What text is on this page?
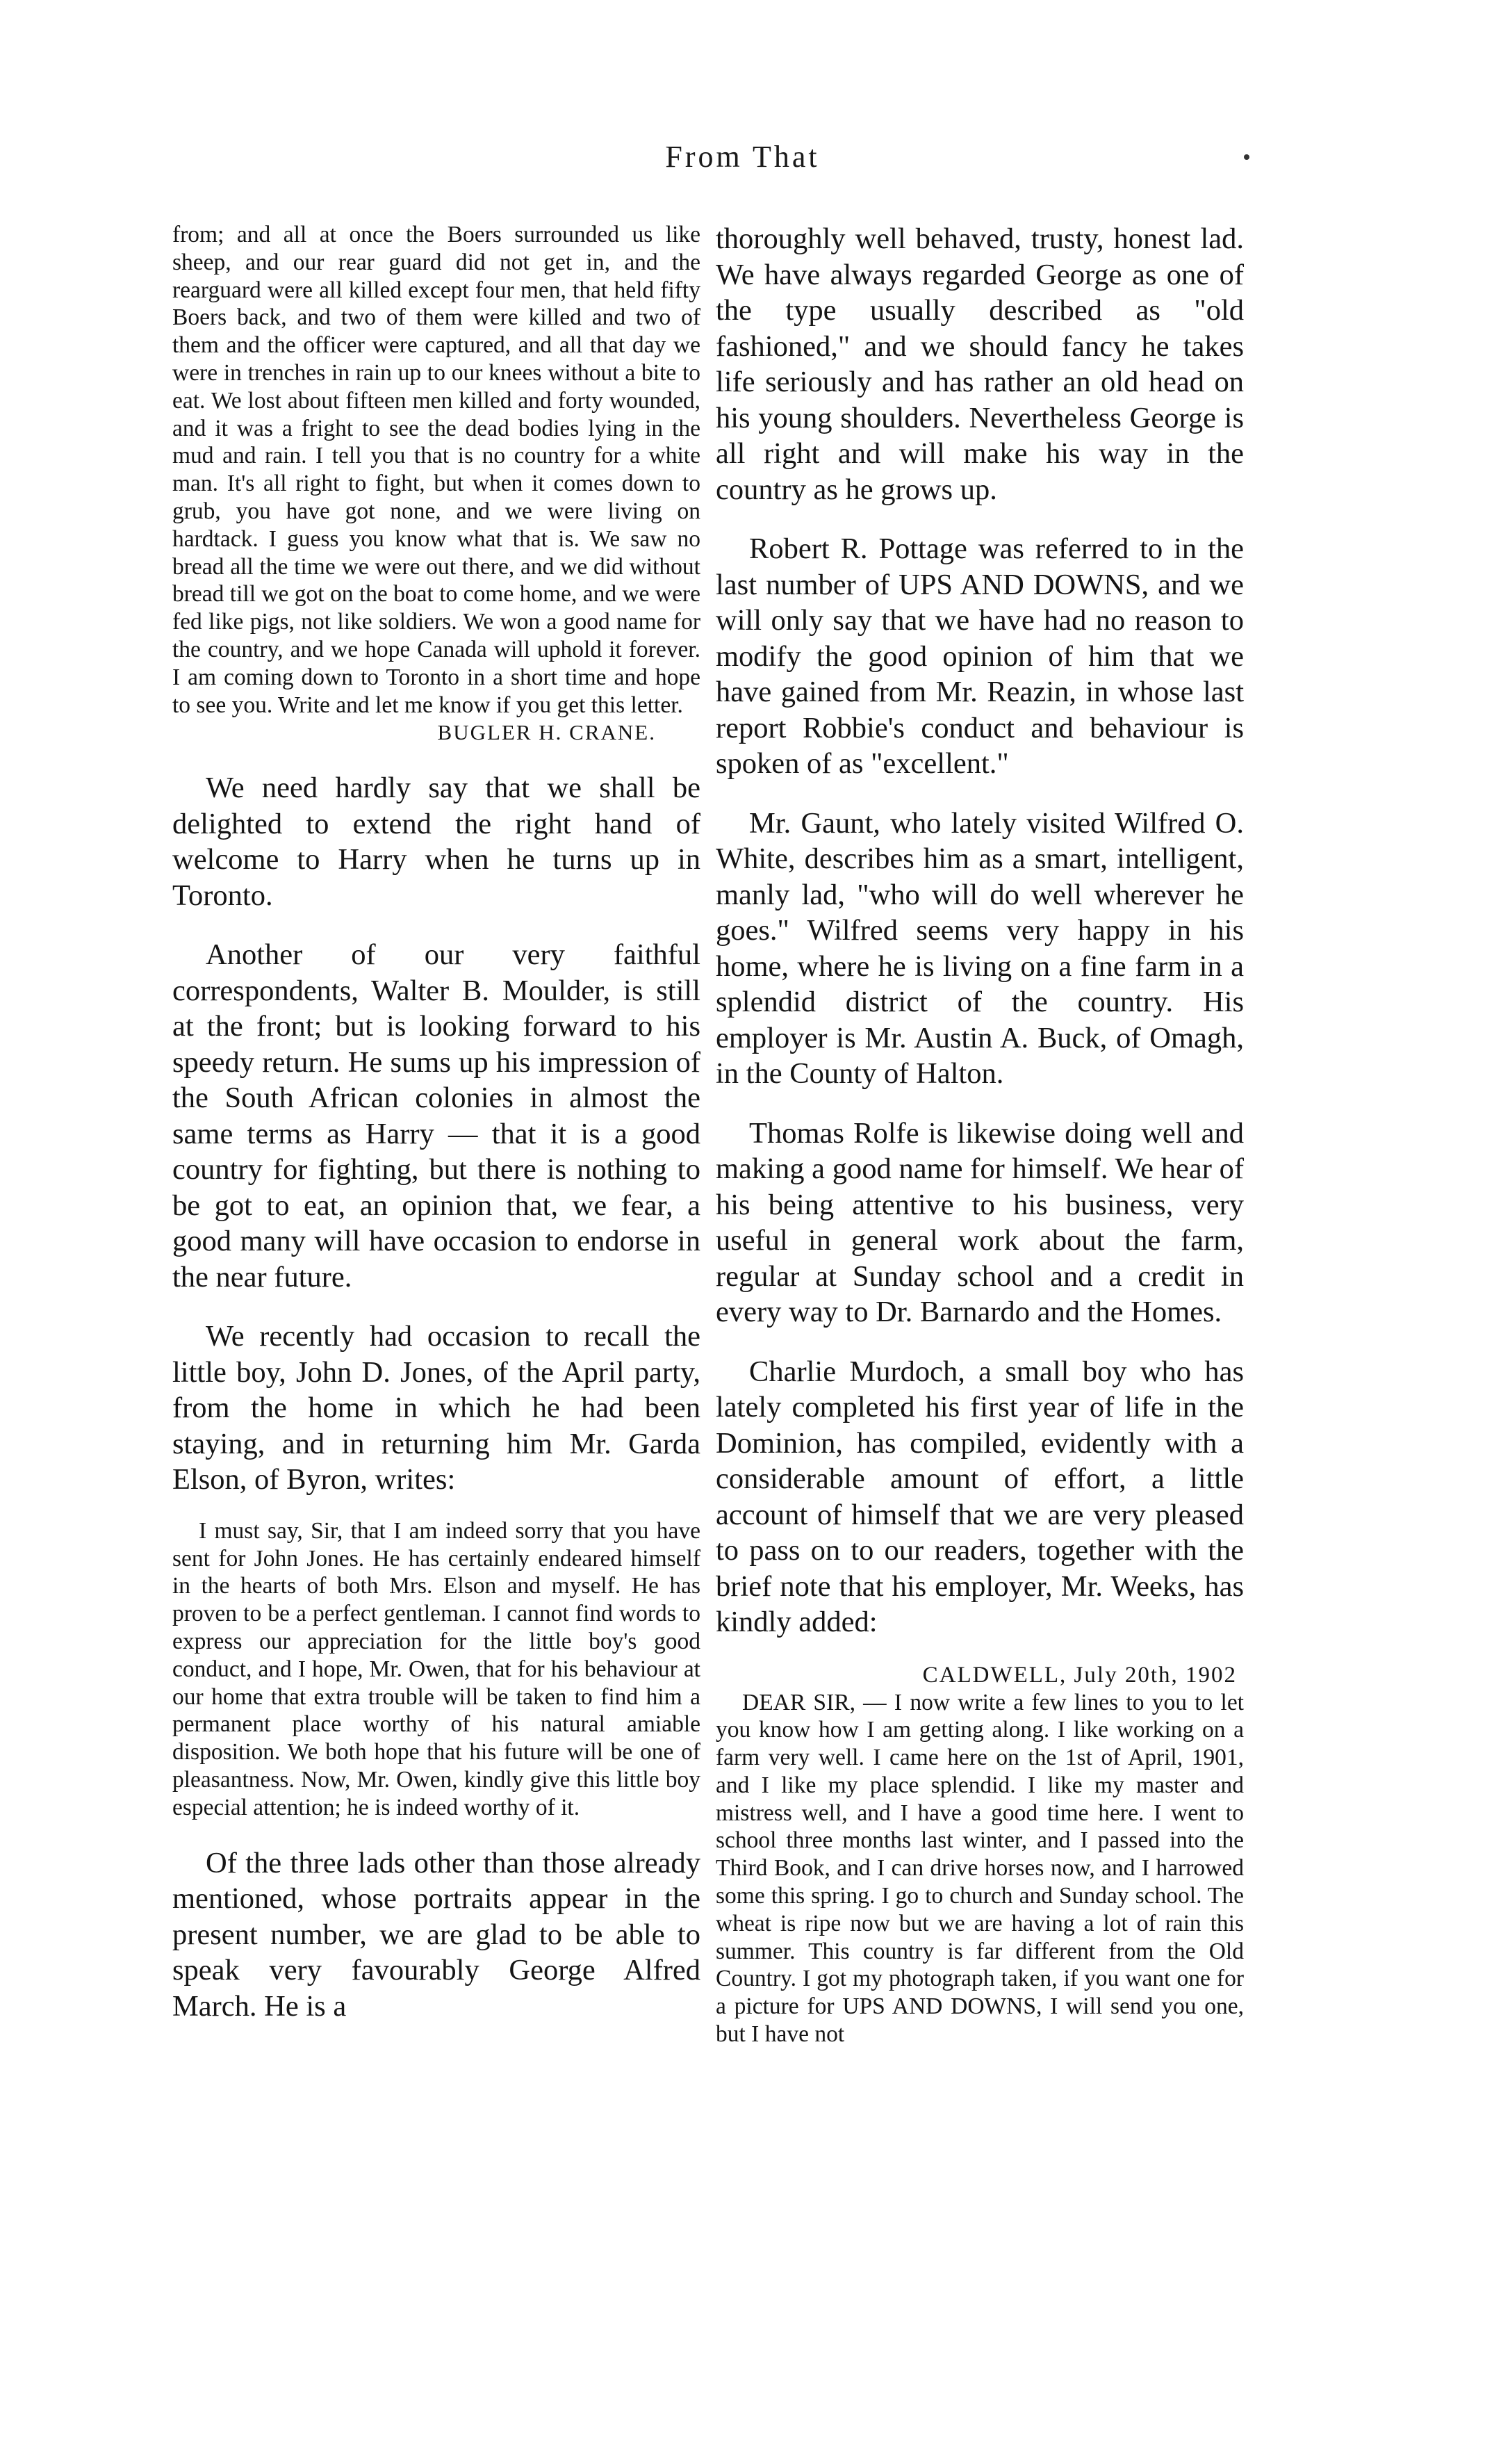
From That

from; and all at once the Boers surrounded us like sheep, and our rear guard did not get in, and the rearguard were all killed except four men, that held fifty Boers back, and two of them were killed and two of them and the officer were captured, and all that day we were in trenches in rain up to our knees without a bite to eat. We lost about fifteen men killed and forty wounded, and it was a fright to see the dead bodies lying in the mud and rain. I tell you that is no country for a white man. It's all right to fight, but when it comes down to grub, you have got none, and we were living on hardtack. I guess you know what that is. We saw no bread all the time we were out there, and we did without bread till we got on the boat to come home, and we were fed like pigs, not like soldiers. We won a good name for the country, and we hope Canada will uphold it forever. I am coming down to Toronto in a short time and hope to see you. Write and let me know if you get this letter.

BUGLER H. CRANE.

We need hardly say that we shall be delighted to extend the right hand of welcome to Harry when he turns up in Toronto.

Another of our very faithful correspondents, Walter B. Moulder, is still at the front; but is looking forward to his speedy return. He sums up his impression of the South African colonies in almost the same terms as Harry — that it is a good country for fighting, but there is nothing to be got to eat, an opinion that, we fear, a good many will have occasion to endorse in the near future.

We recently had occasion to recall the little boy, John D. Jones, of the April party, from the home in which he had been staying, and in returning him Mr. Garda Elson, of Byron, writes:

I must say, Sir, that I am indeed sorry that you have sent for John Jones. He has certainly endeared himself in the hearts of both Mrs. Elson and myself. He has proven to be a perfect gentleman. I cannot find words to express our appreciation for the little boy's good conduct, and I hope, Mr. Owen, that for his behaviour at our home that extra trouble will be taken to find him a permanent place worthy of his natural amiable disposition. We both hope that his future will be one of pleasantness. Now, Mr. Owen, kindly give this little boy especial attention; he is indeed worthy of it.

Of the three lads other than those already mentioned, whose portraits appear in the present number, we are glad to be able to speak very favourably George Alfred March. He is a

thoroughly well behaved, trusty, honest lad. We have always regarded George as one of the type usually described as "old fashioned," and we should fancy he takes life seriously and has rather an old head on his young shoulders. Nevertheless George is all right and will make his way in the country as he grows up.

Robert R. Pottage was referred to in the last number of UPS AND DOWNS, and we will only say that we have had no reason to modify the good opinion of him that we have gained from Mr. Reazin, in whose last report Robbie's conduct and behaviour is spoken of as "excellent."

Mr. Gaunt, who lately visited Wilfred O. White, describes him as a smart, intelligent, manly lad, "who will do well wherever he goes." Wilfred seems very happy in his home, where he is living on a fine farm in a splendid district of the country. His employer is Mr. Austin A. Buck, of Omagh, in the County of Halton.

Thomas Rolfe is likewise doing well and making a good name for himself. We hear of his being attentive to his business, very useful in general work about the farm, regular at Sunday school and a credit in every way to Dr. Barnardo and the Homes.

Charlie Murdoch, a small boy who has lately completed his first year of life in the Dominion, has compiled, evidently with a considerable amount of effort, a little account of himself that we are very pleased to pass on to our readers, together with the brief note that his employer, Mr. Weeks, has kindly added:

CALDWELL, July 20th, 1902

DEAR SIR, — I now write a few lines to you to let you know how I am getting along. I like working on a farm very well. I came here on the 1st of April, 1901, and I like my place splendid. I like my master and mistress well, and I have a good time here. I went to school three months last winter, and I passed into the Third Book, and I can drive horses now, and I harrowed some this spring. I go to church and Sunday school. The wheat is ripe now but we are having a lot of rain this summer. This country is far different from the Old Country. I got my photograph taken, if you want one for a picture for UPS AND DOWNS, I will send you one, but I have not
